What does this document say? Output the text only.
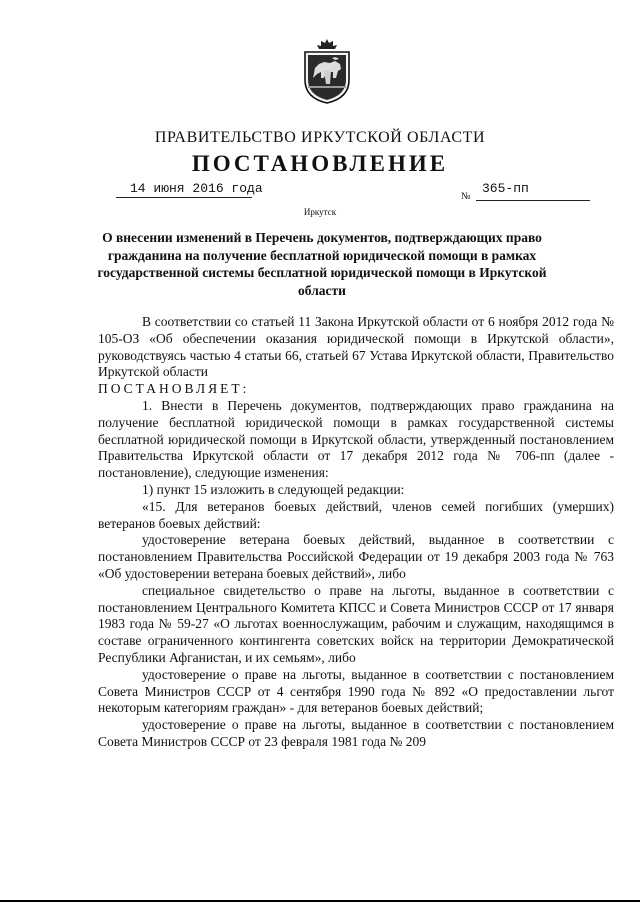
ПРАВИТЕЛЬСТВО ИРКУТСКОЙ ОБЛАСТИ
ПОСТАНОВЛЕНИЕ
14 июня 2016 года
№
365-пп
Иркутск
О внесении изменений в Перечень документов, подтверждающих право гражданина на получение бесплатной юридической помощи в рамках государственной системы бесплатной юридической помощи в Иркутской области

В соответствии со статьей 11 Закона Иркутской области от 6 ноября 2012 года № 105-ОЗ «Об обеспечении оказания юридической помощи в Иркутской области», руководствуясь частью 4 статьи 66, статьей 67 Устава Иркутской области, Правительство Иркутской области

ПОСТАНОВЛЯЕТ:

1. Внести в Перечень документов, подтверждающих право гражданина на получение бесплатной юридической помощи в рамках государственной системы бесплатной юридической помощи в Иркутской области, утвержденный постановлением Правительства Иркутской области от 17 декабря 2012 года № 706-пп (далее - постановление), следующие изменения:

1) пункт 15 изложить в следующей редакции:

«15. Для ветеранов боевых действий, членов семей погибших (умерших) ветеранов боевых действий:

удостоверение ветерана боевых действий, выданное в соответствии с постановлением Правительства Российской Федерации от 19 декабря 2003 года № 763 «Об удостоверении ветерана боевых действий», либо

специальное свидетельство о праве на льготы, выданное в соответствии с постановлением Центрального Комитета КПСС и Совета Министров СССР от 17 января 1983 года № 59-27 «О льготах военнослужащим, рабочим и служащим, находящимся в составе ограниченного контингента советских войск на территории Демократической Республики Афганистан, и их семьям», либо

удостоверение о праве на льготы, выданное в соответствии с постановлением Совета Министров СССР от 4 сентября 1990 года № 892 «О предоставлении льгот некоторым категориям граждан» - для ветеранов боевых действий;

удостоверение о праве на льготы, выданное в соответствии с постановлением Совета Министров СССР от 23 февраля 1981 года № 209
